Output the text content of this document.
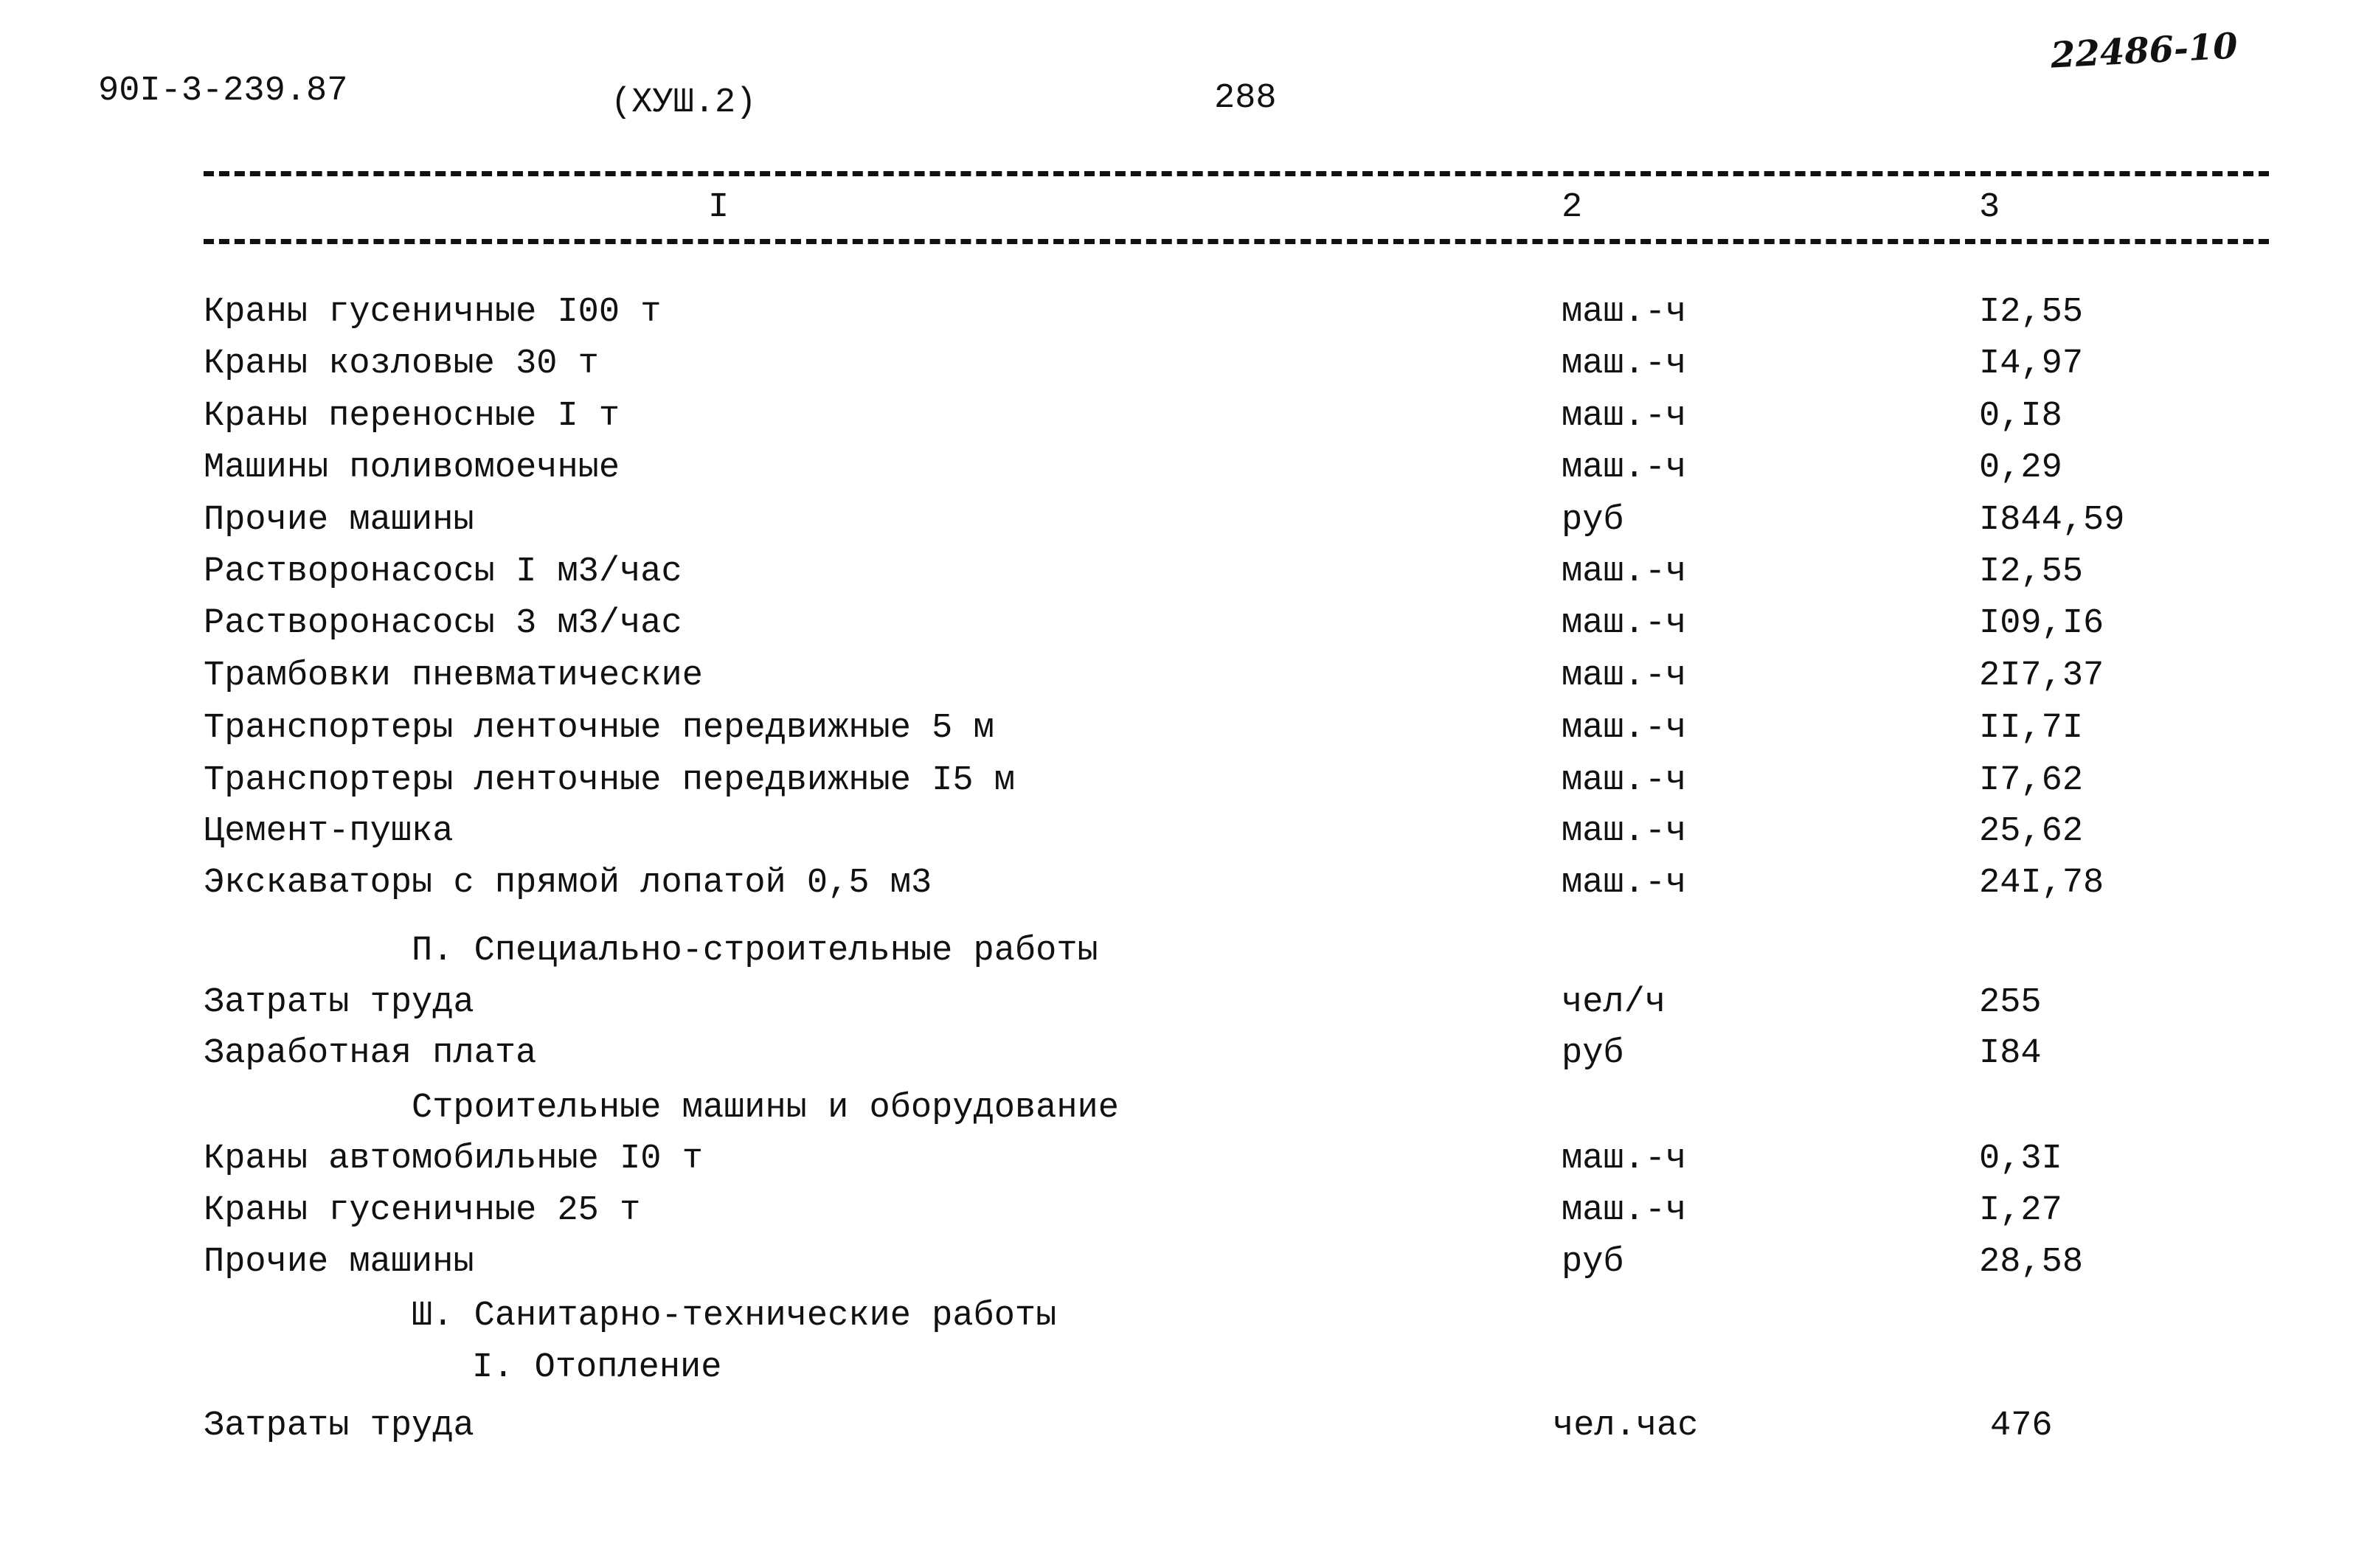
90I-3-239.87	(ХУШ.2)	288
22486-10
I	2	3
Краны гусеничные I00 т	маш.-ч	I2,55
Краны козловые 30 т	маш.-ч	I4,97
Краны переносные I т	маш.-ч	0,I8
Машины поливомоечные	маш.-ч	0,29
Прочие машины	руб	I844,59
Растворонасосы I м3/час	маш.-ч	I2,55
Растворонасосы 3 м3/час	маш.-ч	I09,I6
Трамбовки пневматические	маш.-ч	2I7,37
Транспортеры ленточные передвижные 5 м	маш.-ч	II,7I
Транспортеры ленточные передвижные I5 м	маш.-ч	I7,62
Цемент-пушка	маш.-ч	25,62
Экскаваторы с прямой лопатой 0,5 м3	маш.-ч	24I,78
П. Специально-строительные работы
Затраты труда	чел/ч	255
Заработная плата	руб	I84
Строительные машины и оборудование
Краны автомобильные I0 т	маш.-ч	0,3I
Краны гусеничные 25 т	маш.-ч	I,27
Прочие машины	руб	28,58
Ш. Санитарно-технические работы
I. Отопление
Затраты труда	чел.час	476
